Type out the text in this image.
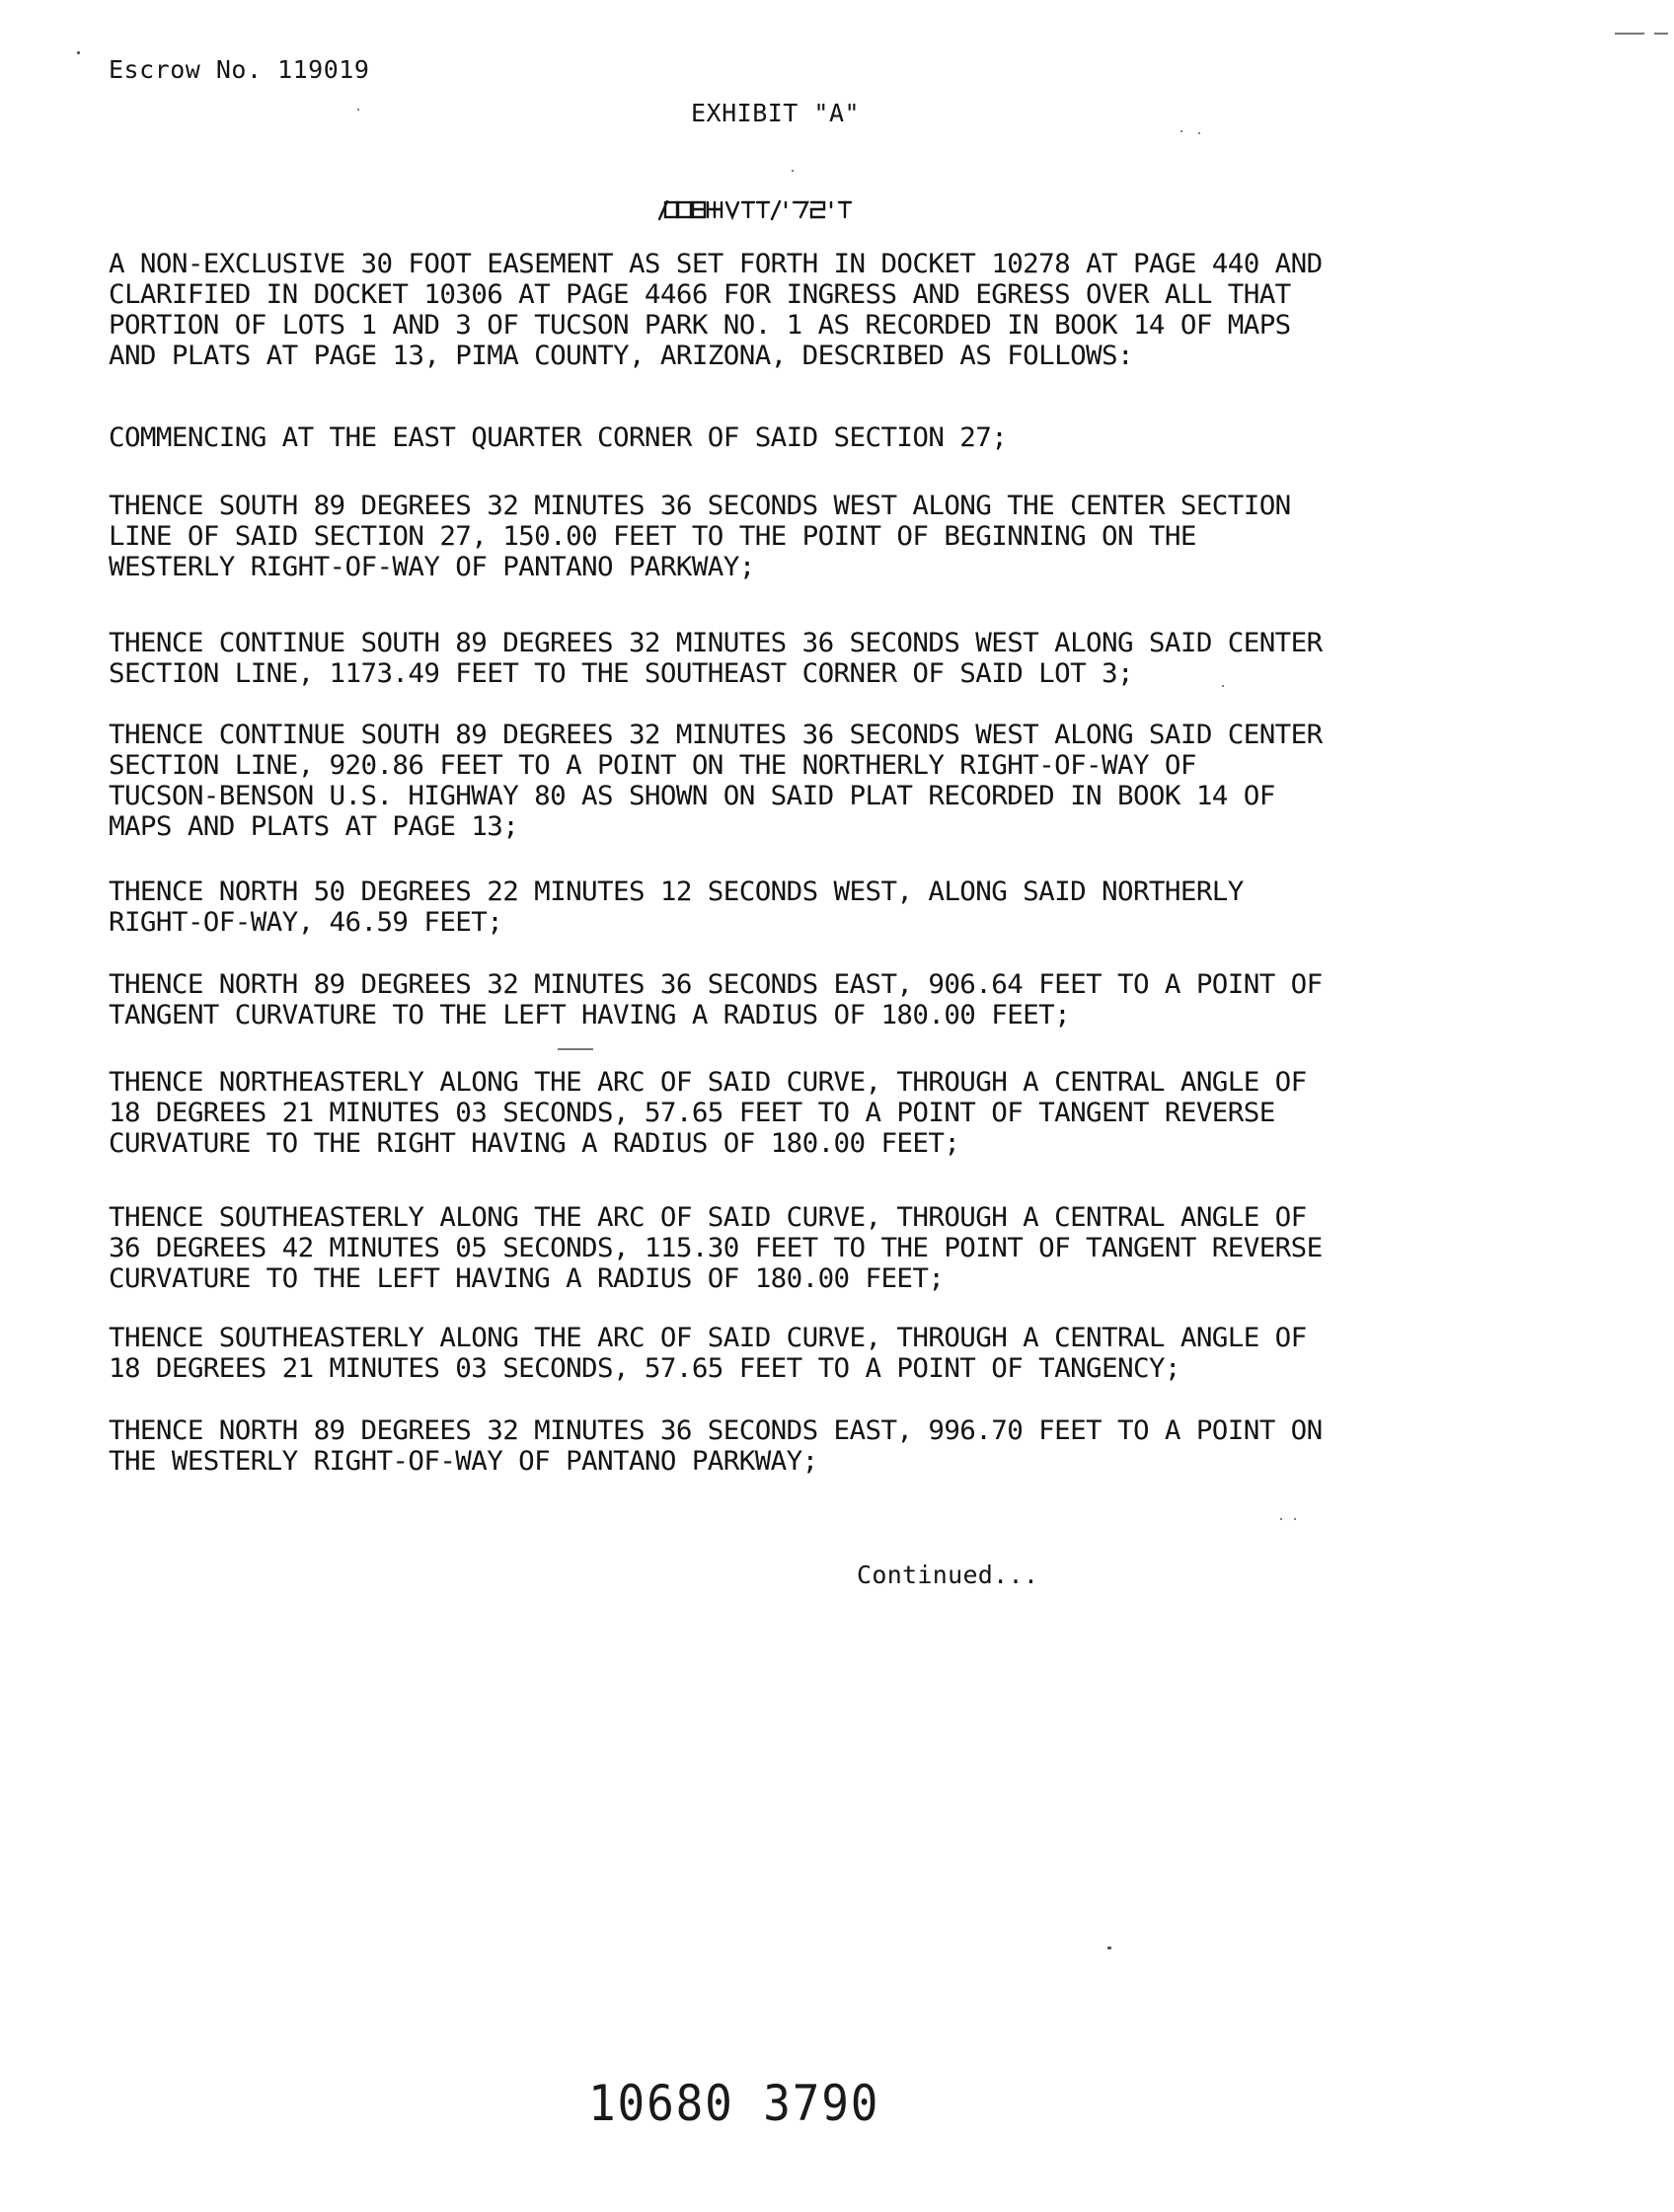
Escrow No. 119019
EXHIBIT "A"
A NON-EXCLUSIVE 30 FOOT EASEMENT AS SET FORTH IN DOCKET 10278 AT PAGE 440 AND
CLARIFIED IN DOCKET 10306 AT PAGE 4466 FOR INGRESS AND EGRESS OVER ALL THAT
PORTION OF LOTS 1 AND 3 OF TUCSON PARK NO. 1 AS RECORDED IN BOOK 14 OF MAPS
AND PLATS AT PAGE 13, PIMA COUNTY, ARIZONA, DESCRIBED AS FOLLOWS:
COMMENCING AT THE EAST QUARTER CORNER OF SAID SECTION 27;
THENCE SOUTH 89 DEGREES 32 MINUTES 36 SECONDS WEST ALONG THE CENTER SECTION
LINE OF SAID SECTION 27, 150.00 FEET TO THE POINT OF BEGINNING ON THE
WESTERLY RIGHT-OF-WAY OF PANTANO PARKWAY;
THENCE CONTINUE SOUTH 89 DEGREES 32 MINUTES 36 SECONDS WEST ALONG SAID CENTER
SECTION LINE, 1173.49 FEET TO THE SOUTHEAST CORNER OF SAID LOT 3;
THENCE CONTINUE SOUTH 89 DEGREES 32 MINUTES 36 SECONDS WEST ALONG SAID CENTER
SECTION LINE, 920.86 FEET TO A POINT ON THE NORTHERLY RIGHT-OF-WAY OF
TUCSON-BENSON U.S. HIGHWAY 80 AS SHOWN ON SAID PLAT RECORDED IN BOOK 14 OF
MAPS AND PLATS AT PAGE 13;
THENCE NORTH 50 DEGREES 22 MINUTES 12 SECONDS WEST, ALONG SAID NORTHERLY
RIGHT-OF-WAY, 46.59 FEET;
THENCE NORTH 89 DEGREES 32 MINUTES 36 SECONDS EAST, 906.64 FEET TO A POINT OF
TANGENT CURVATURE TO THE LEFT HAVING A RADIUS OF 180.00 FEET;
THENCE NORTHEASTERLY ALONG THE ARC OF SAID CURVE, THROUGH A CENTRAL ANGLE OF
18 DEGREES 21 MINUTES 03 SECONDS, 57.65 FEET TO A POINT OF TANGENT REVERSE
CURVATURE TO THE RIGHT HAVING A RADIUS OF 180.00 FEET;
THENCE SOUTHEASTERLY ALONG THE ARC OF SAID CURVE, THROUGH A CENTRAL ANGLE OF
36 DEGREES 42 MINUTES 05 SECONDS, 115.30 FEET TO THE POINT OF TANGENT REVERSE
CURVATURE TO THE LEFT HAVING A RADIUS OF 180.00 FEET;
THENCE SOUTHEASTERLY ALONG THE ARC OF SAID CURVE, THROUGH A CENTRAL ANGLE OF
18 DEGREES 21 MINUTES 03 SECONDS, 57.65 FEET TO A POINT OF TANGENCY;
THENCE NORTH 89 DEGREES 32 MINUTES 36 SECONDS EAST, 996.70 FEET TO A POINT ON
THE WESTERLY RIGHT-OF-WAY OF PANTANO PARKWAY;
Continued...
10680 3790
